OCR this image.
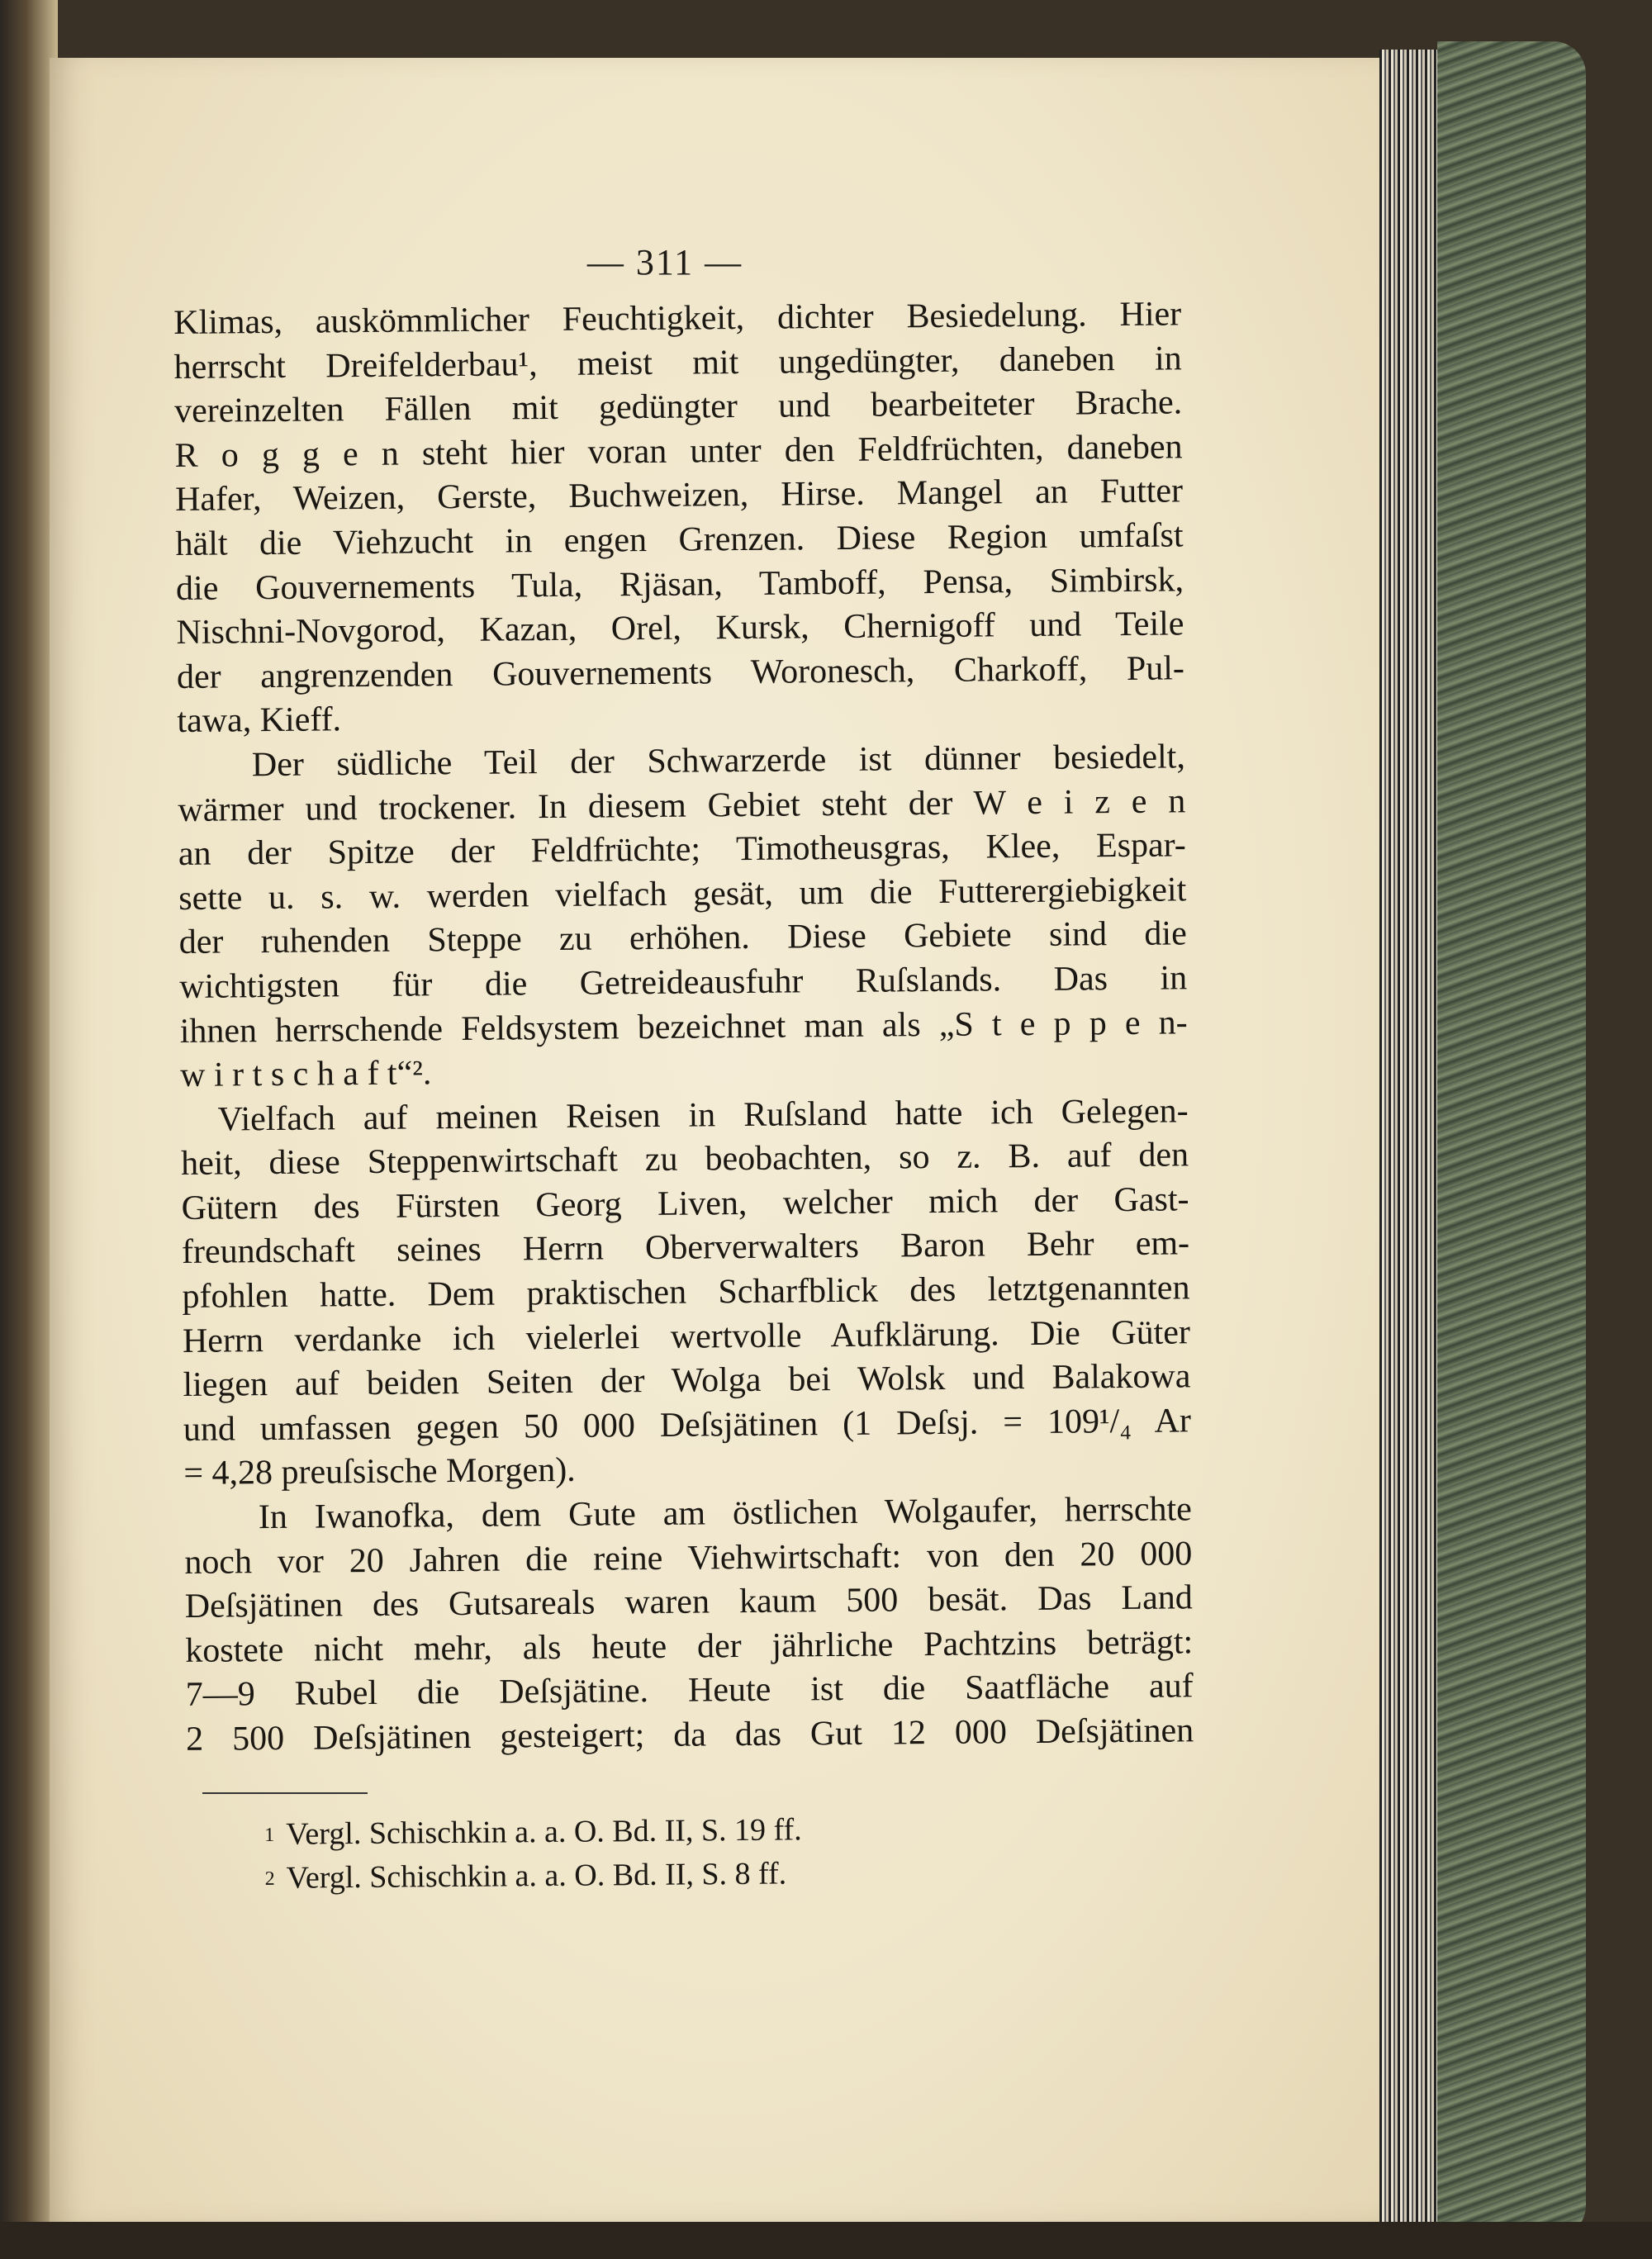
— 311 —
Klimas, auskömmlicher Feuchtigkeit, dichter Besiedelung. Hier
herrscht Dreifelderbau¹, meist mit ungedüngter, daneben in
vereinzelten Fällen mit gedüngter und bearbeiteter Brache.
R o g g e n steht hier voran unter den Feldfrüchten, daneben
Hafer, Weizen, Gerste, Buchweizen, Hirse. Mangel an Futter
hält die Viehzucht in engen Grenzen. Diese Region umfaſst
die Gouvernements Tula, Rjäsan, Tamboff, Pensa, Simbirsk,
Nischni-Novgorod, Kazan, Orel, Kursk, Chernigoff und Teile
der angrenzenden Gouvernements Woronesch, Charkoff, Pul-
tawa, Kieff.
Der südliche Teil der Schwarzerde ist dünner besiedelt,
wärmer und trockener. In diesem Gebiet steht der W e i z e n
an der Spitze der Feldfrüchte; Timotheusgras, Klee, Espar-
sette u. s. w. werden vielfach gesät, um die Futterergiebigkeit
der ruhenden Steppe zu erhöhen. Diese Gebiete sind die
wichtigsten für die Getreideausfuhr Ruſslands. Das in
ihnen herrschende Feldsystem bezeichnet man als „S t e p p e n-
w i r t s c h a f t“².
Vielfach auf meinen Reisen in Ruſsland hatte ich Gelegen-
heit, diese Steppenwirtschaft zu beobachten, so z. B. auf den
Gütern des Fürsten Georg Liven, welcher mich der Gast-
freundschaft seines Herrn Oberverwalters Baron Behr em-
pfohlen hatte. Dem praktischen Scharfblick des letztgenannten
Herrn verdanke ich vielerlei wertvolle Aufklärung. Die Güter
liegen auf beiden Seiten der Wolga bei Wolsk und Balakowa
und umfassen gegen 50 000 Deſsjätinen (1 Deſsj. = 109¹/₄ Ar
= 4,28 preuſsische Morgen).
In Iwanofka, dem Gute am östlichen Wolgaufer, herrschte
noch vor 20 Jahren die reine Viehwirtschaft: von den 20 000
Deſsjätinen des Gutsareals waren kaum 500 besät. Das Land
kostete nicht mehr, als heute der jährliche Pachtzins beträgt:
7—9 Rubel die Deſsjätine. Heute ist die Saatfläche auf
2 500 Deſsjätinen gesteigert; da das Gut 12 000 Deſsjätinen
1 Vergl. Schischkin a. a. O. Bd. II, S. 19 ff.
2 Vergl. Schischkin a. a. O. Bd. II, S. 8 ff.
